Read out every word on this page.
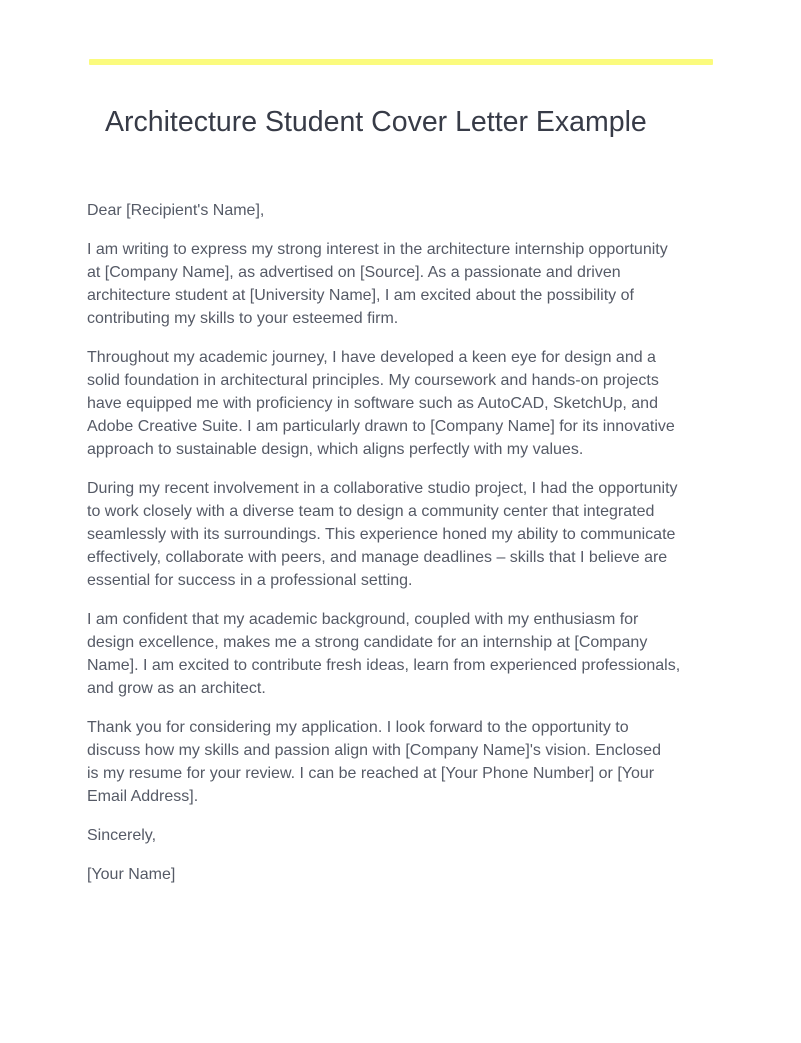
Architecture Student Cover Letter Example

Dear [Recipient's Name],

I am writing to express my strong interest in the architecture internship opportunity at [Company Name], as advertised on [Source]. As a passionate and driven architecture student at [University Name], I am excited about the possibility of contributing my skills to your esteemed firm.

Throughout my academic journey, I have developed a keen eye for design and a solid foundation in architectural principles. My coursework and hands-on projects have equipped me with proficiency in software such as AutoCAD, SketchUp, and Adobe Creative Suite. I am particularly drawn to [Company Name] for its innovative approach to sustainable design, which aligns perfectly with my values.

During my recent involvement in a collaborative studio project, I had the opportunity to work closely with a diverse team to design a community center that integrated seamlessly with its surroundings. This experience honed my ability to communicate effectively, collaborate with peers, and manage deadlines – skills that I believe are essential for success in a professional setting.

I am confident that my academic background, coupled with my enthusiasm for design excellence, makes me a strong candidate for an internship at [Company Name]. I am excited to contribute fresh ideas, learn from experienced professionals, and grow as an architect.

Thank you for considering my application. I look forward to the opportunity to discuss how my skills and passion align with [Company Name]'s vision. Enclosed is my resume for your review. I can be reached at [Your Phone Number] or [Your Email Address].

Sincerely,

[Your Name]
